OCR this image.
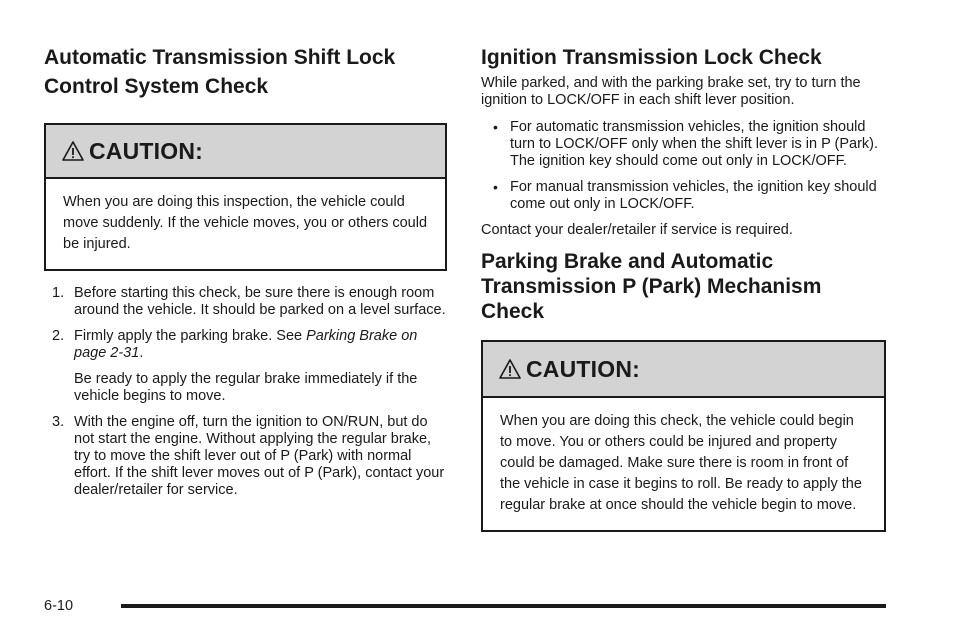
Automatic Transmission Shift Lock Control System Check
CAUTION:
When you are doing this inspection, the vehicle could move suddenly. If the vehicle moves, you or others could be injured.
1. Before starting this check, be sure there is enough room around the vehicle. It should be parked on a level surface.
2. Firmly apply the parking brake. See Parking Brake on page 2-31.
Be ready to apply the regular brake immediately if the vehicle begins to move.
3. With the engine off, turn the ignition to ON/RUN, but do not start the engine. Without applying the regular brake, try to move the shift lever out of P (Park) with normal effort. If the shift lever moves out of P (Park), contact your dealer/retailer for service.
Ignition Transmission Lock Check

While parked, and with the parking brake set, try to turn the ignition to LOCK/OFF in each shift lever position.

• For automatic transmission vehicles, the ignition should turn to LOCK/OFF only when the shift lever is in P (Park). The ignition key should come out only in LOCK/OFF.
• For manual transmission vehicles, the ignition key should come out only in LOCK/OFF.

Contact your dealer/retailer if service is required.

Parking Brake and Automatic Transmission P (Park) Mechanism Check
CAUTION:
When you are doing this check, the vehicle could begin to move. You or others could be injured and property could be damaged. Make sure there is room in front of the vehicle in case it begins to roll. Be ready to apply the regular brake at once should the vehicle begin to move.
6-10
